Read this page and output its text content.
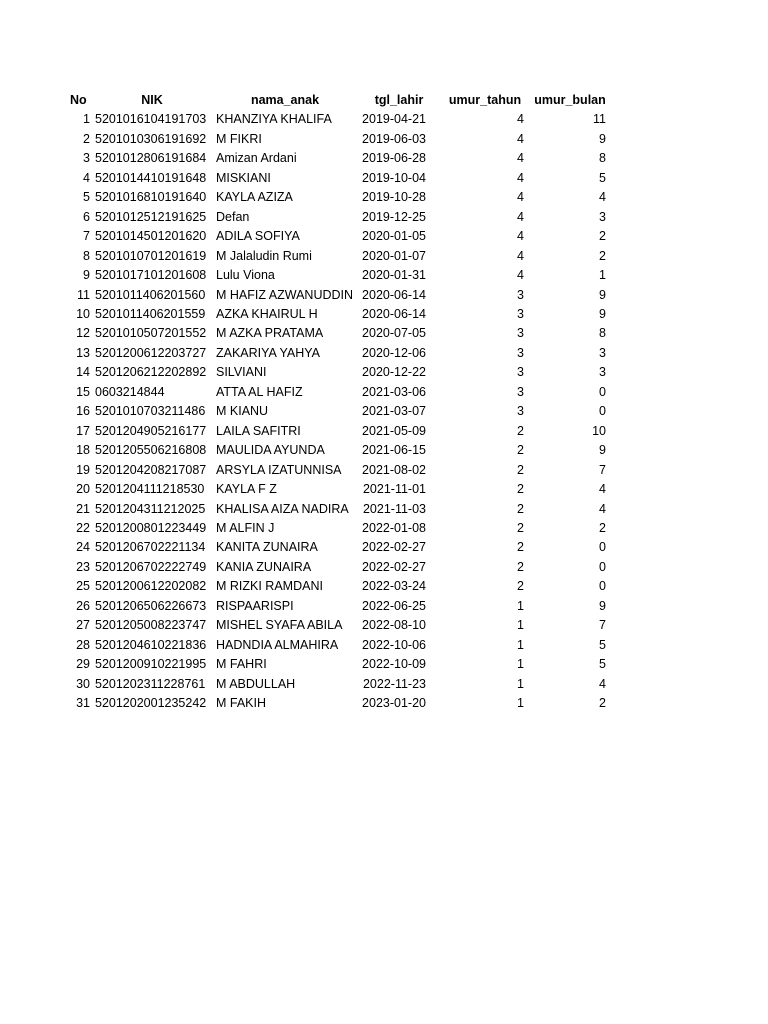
No	NIK	nama_anak	tgl_lahir	umur_tahun	umur_bulan
1	5201016104191703	KHANZIYA KHALIFA	2019-04-21	4	11
2	5201010306191692	M FIKRI	2019-06-03	4	9
3	5201012806191684	Amizan Ardani	2019-06-28	4	8
4	5201014410191648	MISKIANI	2019-10-04	4	5
5	5201016810191640	KAYLA AZIZA	2019-10-28	4	4
6	5201012512191625	Defan	2019-12-25	4	3
7	5201014501201620	ADILA SOFIYA	2020-01-05	4	2
8	5201010701201619	M Jalaludin Rumi	2020-01-07	4	2
9	5201017101201608	Lulu Viona	2020-01-31	4	1
11	5201011406201560	M HAFIZ AZWANUDDIN	2020-06-14	3	9
10	5201011406201559	AZKA KHAIRUL H	2020-06-14	3	9
12	5201010507201552	M AZKA PRATAMA	2020-07-05	3	8
13	5201200612203727	ZAKARIYA YAHYA	2020-12-06	3	3
14	5201206212202892	SILVIANI	2020-12-22	3	3
15	0603214844	ATTA AL HAFIZ	2021-03-06	3	0
16	5201010703211486	M KIANU	2021-03-07	3	0
17	5201204905216177	LAILA SAFITRI	2021-05-09	2	10
18	5201205506216808	MAULIDA AYUNDA	2021-06-15	2	9
19	5201204208217087	ARSYLA IZATUNNISA	2021-08-02	2	7
20	5201204111218530	KAYLA F Z	2021-11-01	2	4
21	5201204311212025	KHALISA AIZA NADIRA	2021-11-03	2	4
22	5201200801223449	M ALFIN J	2022-01-08	2	2
24	5201206702221134	KANITA ZUNAIRA	2022-02-27	2	0
23	5201206702222749	KANIA ZUNAIRA	2022-02-27	2	0
25	5201200612202082	M RIZKI RAMDANI	2022-03-24	2	0
26	5201206506226673	RISPAARISPI	2022-06-25	1	9
27	5201205008223747	MISHEL SYAFA ABILA	2022-08-10	1	7
28	5201204610221836	HADNDIA ALMAHIRA	2022-10-06	1	5
29	5201200910221995	M FAHRI	2022-10-09	1	5
30	5201202311228761	M ABDULLAH	2022-11-23	1	4
31	5201202001235242	M FAKIH	2023-01-20	1	2
